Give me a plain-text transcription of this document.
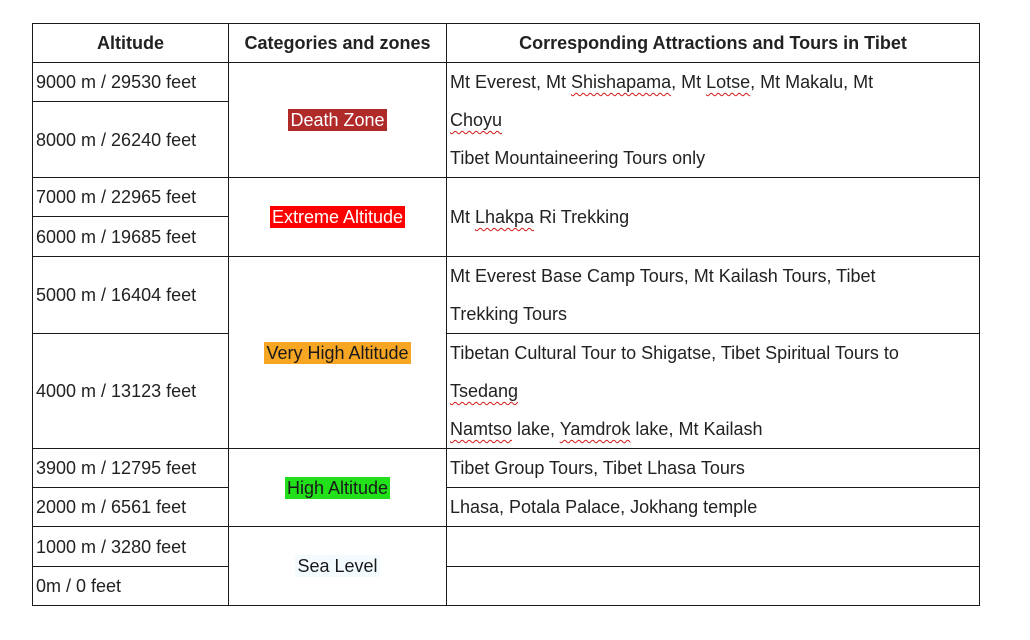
Altitude	Categories and zones	Corresponding Attractions and Tours in Tibet
9000 m / 29530 feet	Death Zone	Mt Everest, Mt Shishapama, Mt Lotse, Mt Makalu, Mt
Choyu
Tibet Mountaineering Tours only

8000 m / 26240 feet		
7000 m / 22965 feet	Extreme Altitude	Mt Lhakpa Ri Trekking

6000 m / 19685 feet		
5000 m / 16404 feet	Very High Altitude	Mt Everest Base Camp Tours, Mt Kailash Tours, Tibet
Trekking Tours

4000 m / 13123 feet		Tibetan Cultural Tour to Shigatse, Tibet Spiritual Tours to
Tsedang
Namtso lake, Yamdrok lake, Mt Kailash

3900 m / 12795 feet	High Altitude	Tibet Group Tours, Tibet Lhasa Tours
2000 m / 6561 feet		Lhasa, Potala Palace, Jokhang temple
1000 m / 3280 feet	Sea Level	
0m / 0 feet		
